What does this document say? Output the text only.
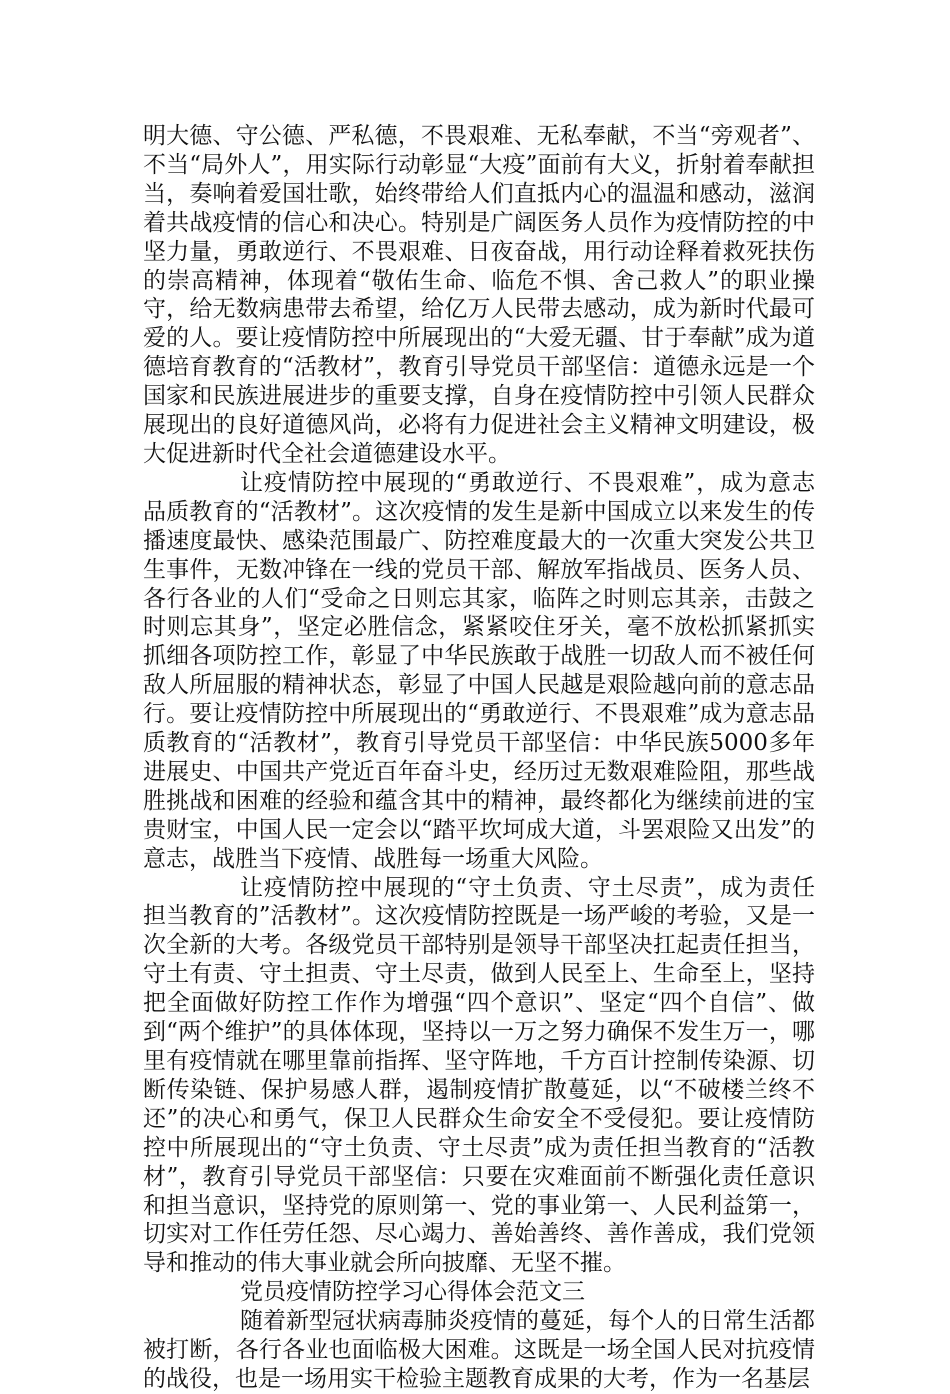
明大德、守公德、严私德，不畏艰难、无私奉献，不当“旁观者”、不当“局外人”，用实际行动彰显“大疫”面前有大义，折射着奉献担当，奏响着爱国壮歌，始终带给人们直抵内心的温温和感动，滋润着共战疫情的信心和决心。特别是广阔医务人员作为疫情防控的中坚力量，勇敢逆行、不畏艰难、日夜奋战，用行动诠释着救死扶伤的崇高精神，体现着“敬佑生命、临危不惧、舍己救人”的职业操守，给无数病患带去希望，给亿万人民带去感动，成为新时代最可爱的人。要让疫情防控中所展现出的“大爱无疆、甘于奉献”成为道德培育教育的“活教材”，教育引导党员干部坚信：道德永远是一个国家和民族进展进步的重要支撑，自身在疫情防控中引领人民群众展现出的良好道德风尚，必将有力促进社会主义精神文明建设，极大促进新时代全社会道德建设水平。

让疫情防控中展现的“勇敢逆行、不畏艰难”，成为意志品质教育的“活教材”。这次疫情的发生是新中国成立以来发生的传播速度最快、感染范围最广、防控难度最大的一次重大突发公共卫生事件，无数冲锋在一线的党员干部、解放军指战员、医务人员、各行各业的人们“受命之日则忘其家，临阵之时则忘其亲，击鼓之时则忘其身”，坚定必胜信念，紧紧咬住牙关，毫不放松抓紧抓实抓细各项防控工作，彰显了中华民族敢于战胜一切敌人而不被任何敌人所屈服的精神状态，彰显了中国人民越是艰险越向前的意志品行。要让疫情防控中所展现出的“勇敢逆行、不畏艰难”成为意志品质教育的“活教材”，教育引导党员干部坚信：中华民族5000多年进展史、中国共产党近百年奋斗史，经历过无数艰难险阻，那些战胜挑战和困难的经验和蕴含其中的精神，最终都化为继续前进的宝贵财宝，中国人民一定会以“踏平坎坷成大道，斗罢艰险又出发”的意志，战胜当下疫情、战胜每一场重大风险。

让疫情防控中展现的“守土负责、守土尽责”，成为责任担当教育的”活教材”。这次疫情防控既是一场严峻的考验，又是一次全新的大考。各级党员干部特别是领导干部坚决扛起责任担当，守土有责、守土担责、守土尽责，做到人民至上、生命至上，坚持把全面做好防控工作作为增强“四个意识”、坚定“四个自信”、做到“两个维护”的具体体现，坚持以一万之努力确保不发生万一，哪里有疫情就在哪里靠前指挥、坚守阵地，千方百计控制传染源、切断传染链、保护易感人群，遏制疫情扩散蔓延，以“不破楼兰终不还”的决心和勇气，保卫人民群众生命安全不受侵犯。要让疫情防控中所展现出的“守土负责、守土尽责”成为责任担当教育的“活教材”，教育引导党员干部坚信：只要在灾难面前不断强化责任意识和担当意识，坚持党的原则第一、党的事业第一、人民利益第一，切实对工作任劳任怨、尽心竭力、善始善终、善作善成，我们党领导和推动的伟大事业就会所向披靡、无坚不摧。

党员疫情防控学习心得体会范文三

随着新型冠状病毒肺炎疫情的蔓延，每个人的日常生活都被打断，各行各业也面临极大困难。这既是一场全国人民对抗疫情的战役，也是一场用实干检验主题教育成果的大考，作为一名基层
